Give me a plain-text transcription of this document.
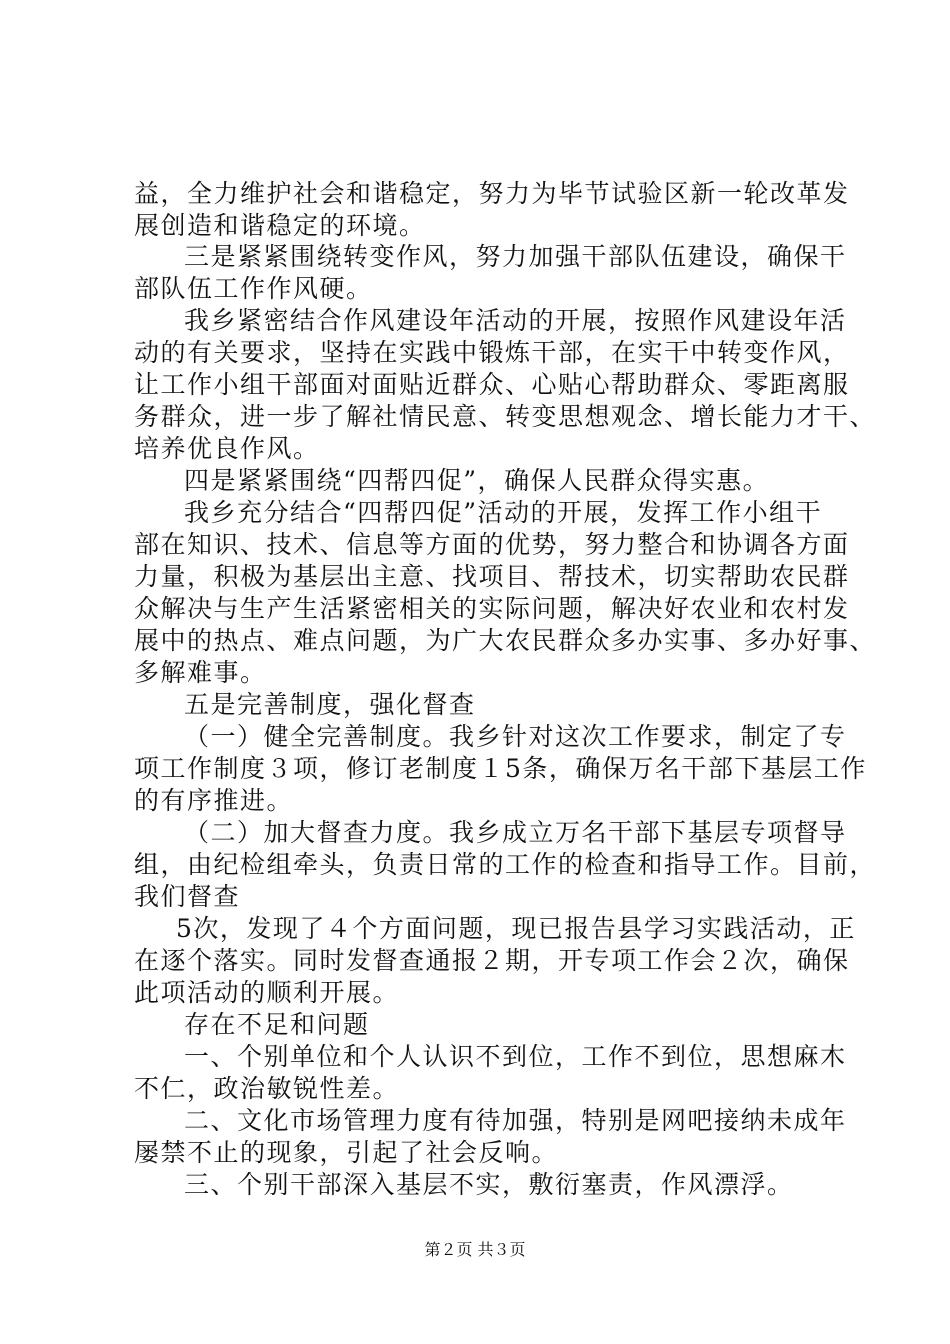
益，全力维护社会和谐稳定，努力为毕节试验区新一轮改革发
展创造和谐稳定的环境。
三是紧紧围绕转变作风，努力加强干部队伍建设，确保干
部队伍工作作风硬。
我乡紧密结合作风建设年活动的开展，按照作风建设年活
动的有关要求，坚持在实践中锻炼干部，在实干中转变作风，
让工作小组干部面对面贴近群众、心贴心帮助群众、零距离服
务群众，进一步了解社情民意、转变思想观念、增长能力才干、
培养优良作风。
四是紧紧围绕“四帮四促”，确保人民群众得实惠。
我乡充分结合“四帮四促”活动的开展，发挥工作小组干
部在知识、技术、信息等方面的优势，努力整合和协调各方面
力量，积极为基层出主意、找项目、帮技术，切实帮助农民群
众解决与生产生活紧密相关的实际问题，解决好农业和农村发
展中的热点、难点问题，为广大农民群众多办实事、多办好事、
多解难事。
五是完善制度，强化督查
（一）健全完善制度。我乡针对这次工作要求，制定了专
项工作制度３项，修订老制度１5条，确保万名干部下基层工作
的有序推进。
（二）加大督查力度。我乡成立万名干部下基层专项督导
组，由纪检组牵头，负责日常的工作的检查和指导工作。目前，
我们督查
5次，发现了４个方面问题，现已报告县学习实践活动，正
在逐个落实。同时发督查通报２期，开专项工作会２次，确保
此项活动的顺利开展。
存在不足和问题
一、个别单位和个人认识不到位，工作不到位，思想麻木
不仁，政治敏锐性差。
二、文化市场管理力度有待加强，特别是网吧接纳未成年
屡禁不止的现象，引起了社会反响。
三、个别干部深入基层不实，敷衍塞责，作风漂浮。
第２页 共３页
